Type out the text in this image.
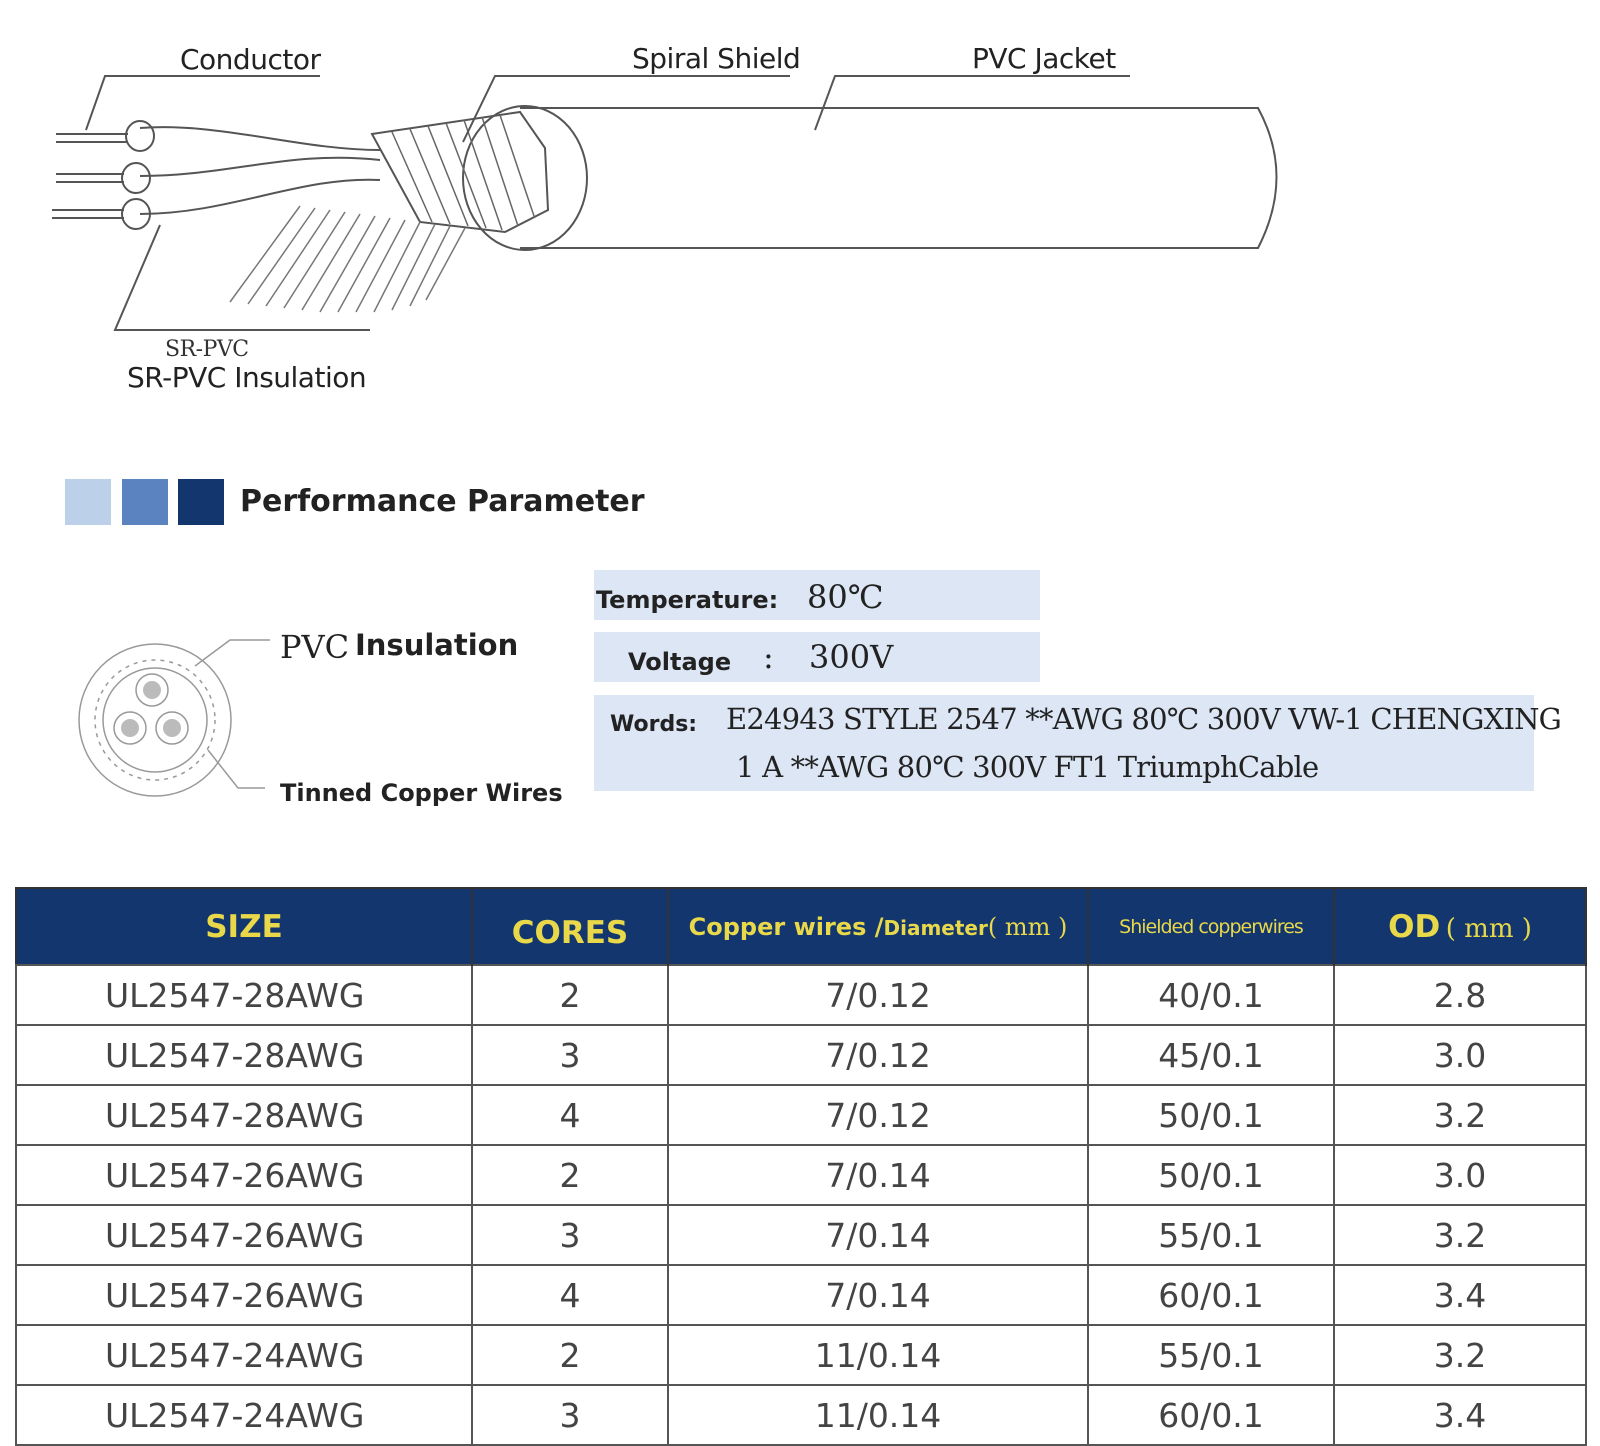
Conductor	Spiral Shield	PVC Jacket
SR-PVC
SR-PVC Insulation
Performance Parameter
PVC Insulation
Tinned Copper Wires
Temperature: 80℃
Voltage : 300V
Words: E24943 STYLE 2547 **AWG 80℃ 300V VW-1 CHENGXING
1 A **AWG 80℃ 300V FT1 TriumphCable
SIZE	CORES	Copper wires /Diameter( mm )	Shielded copperwires	OD ( mm )
UL2547-28AWG	2	7/0.12	40/0.1	2.8
UL2547-28AWG	3	7/0.12	45/0.1	3.0
UL2547-28AWG	4	7/0.12	50/0.1	3.2
UL2547-26AWG	2	7/0.14	50/0.1	3.0
UL2547-26AWG	3	7/0.14	55/0.1	3.2
UL2547-26AWG	4	7/0.14	60/0.1	3.4
UL2547-24AWG	2	11/0.14	55/0.1	3.2
UL2547-24AWG	3	11/0.14	60/0.1	3.4
